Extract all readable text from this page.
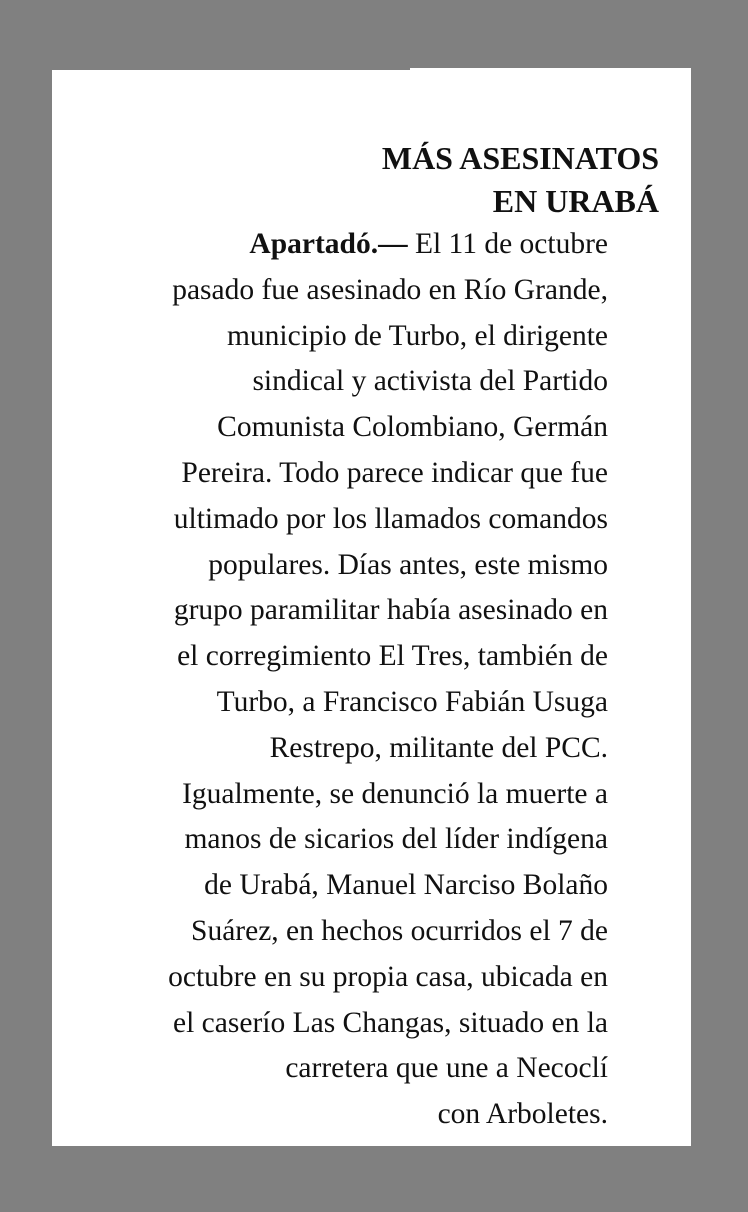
MÁS ASESINATOS
EN URABÁ
Apartadó.— El 11 de octubre
pasado fue asesinado en Río Grande,
municipio de Turbo, el dirigente
sindical y activista del Partido
Comunista Colombiano, Germán
Pereira. Todo parece indicar que fue
ultimado por los llamados comandos
populares. Días antes, este mismo
grupo paramilitar había asesinado en
el corregimiento El Tres, también de
Turbo, a Francisco Fabián Usuga
Restrepo, militante del PCC.
Igualmente, se denunció la muerte a
manos de sicarios del líder indígena
de Urabá, Manuel Narciso Bolaño
Suárez, en hechos ocurridos el 7 de
octubre en su propia casa, ubicada en
el caserío Las Changas, situado en la
carretera que une a Necoclí
con Arboletes.
